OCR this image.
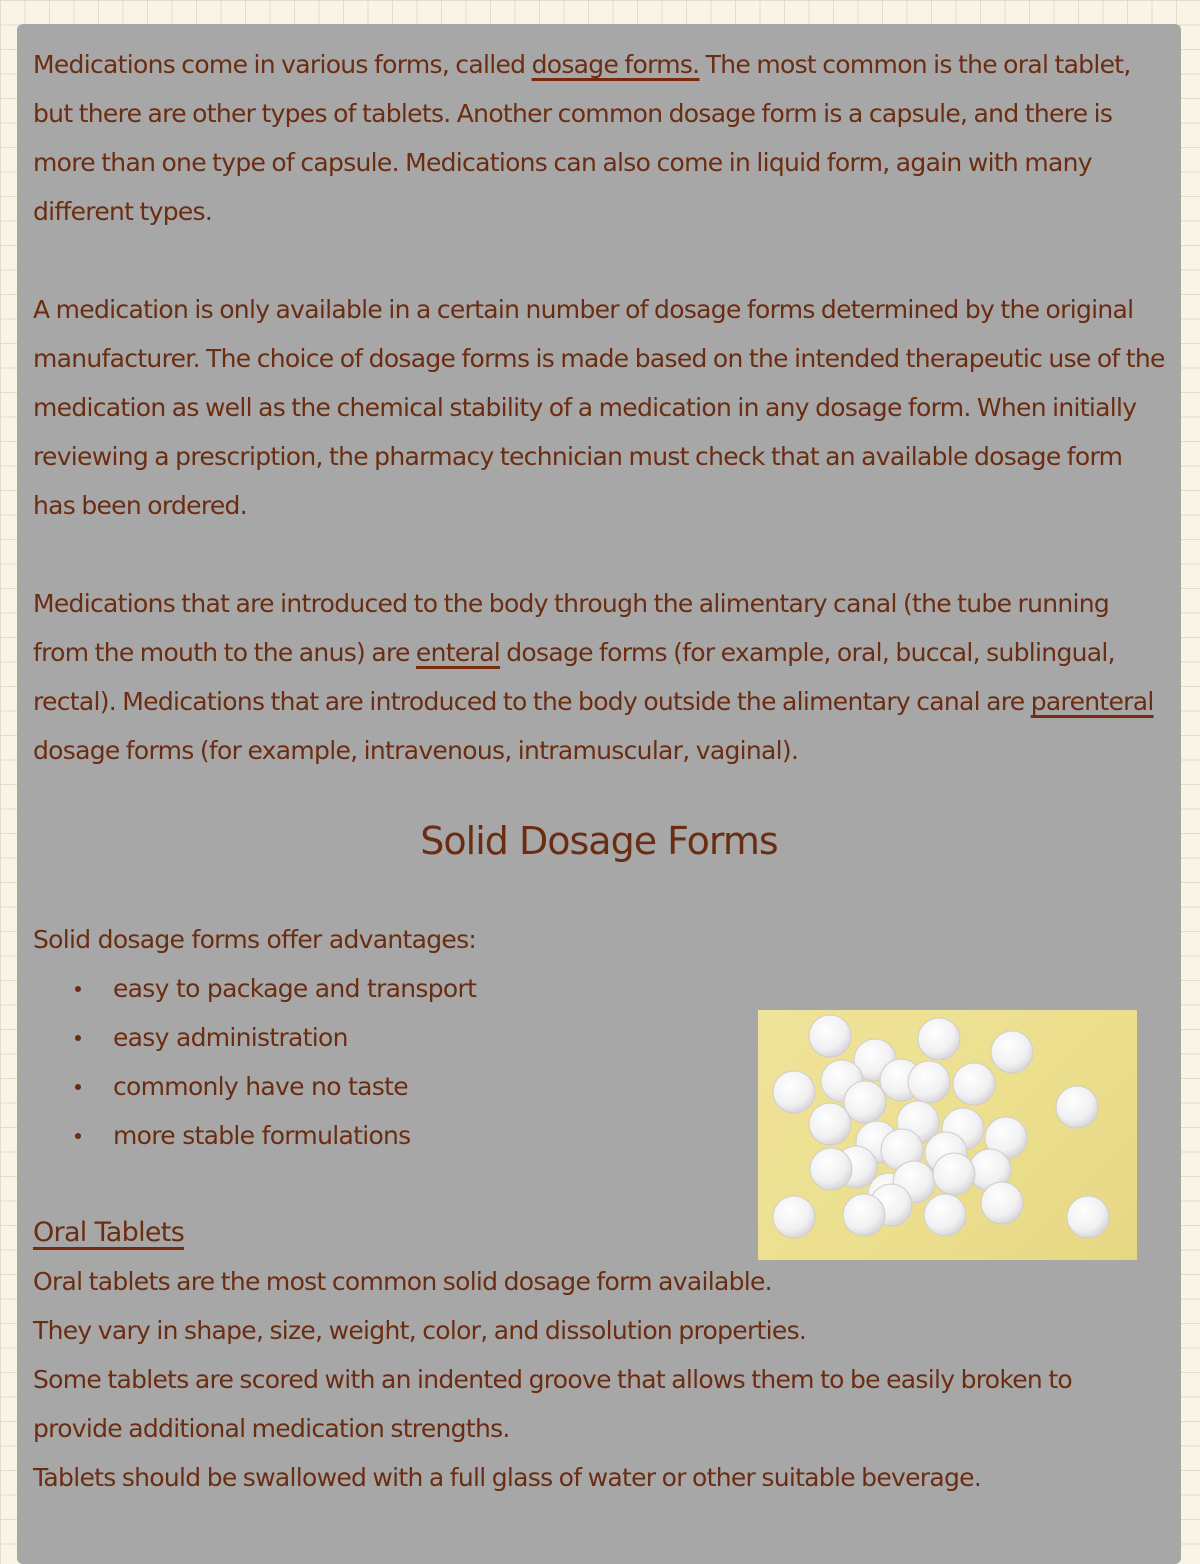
Medications come in various forms, called dosage forms. The most common is the oral tablet, but there are other types of tablets. Another common dosage form is a capsule, and there is more than one type of capsule. Medications can also come in liquid form, again with many different types.

A medication is only available in a certain number of dosage forms determined by the original manufacturer. The choice of dosage forms is made based on the intended therapeutic use of the medication as well as the chemical stability of a medication in any dosage form. When initially reviewing a prescription, the pharmacy technician must check that an available dosage form has been ordered.

Medications that are introduced to the body through the alimentary canal (the tube running from the mouth to the anus) are enteral dosage forms (for example, oral, buccal, sublingual, rectal). Medications that are introduced to the body outside the alimentary canal are parenteral dosage forms (for example, intravenous, intramuscular, vaginal).

Solid Dosage Forms

Solid dosage forms offer advantages:

easy to package and transport
easy administration
commonly have no taste
more stable formulations

Oral Tablets

Oral tablets are the most common solid dosage form available.

They vary in shape, size, weight, color, and dissolution properties.

Some tablets are scored with an indented groove that allows them to be easily broken to provide additional medication strengths.

Tablets should be swallowed with a full glass of water or other suitable beverage.
